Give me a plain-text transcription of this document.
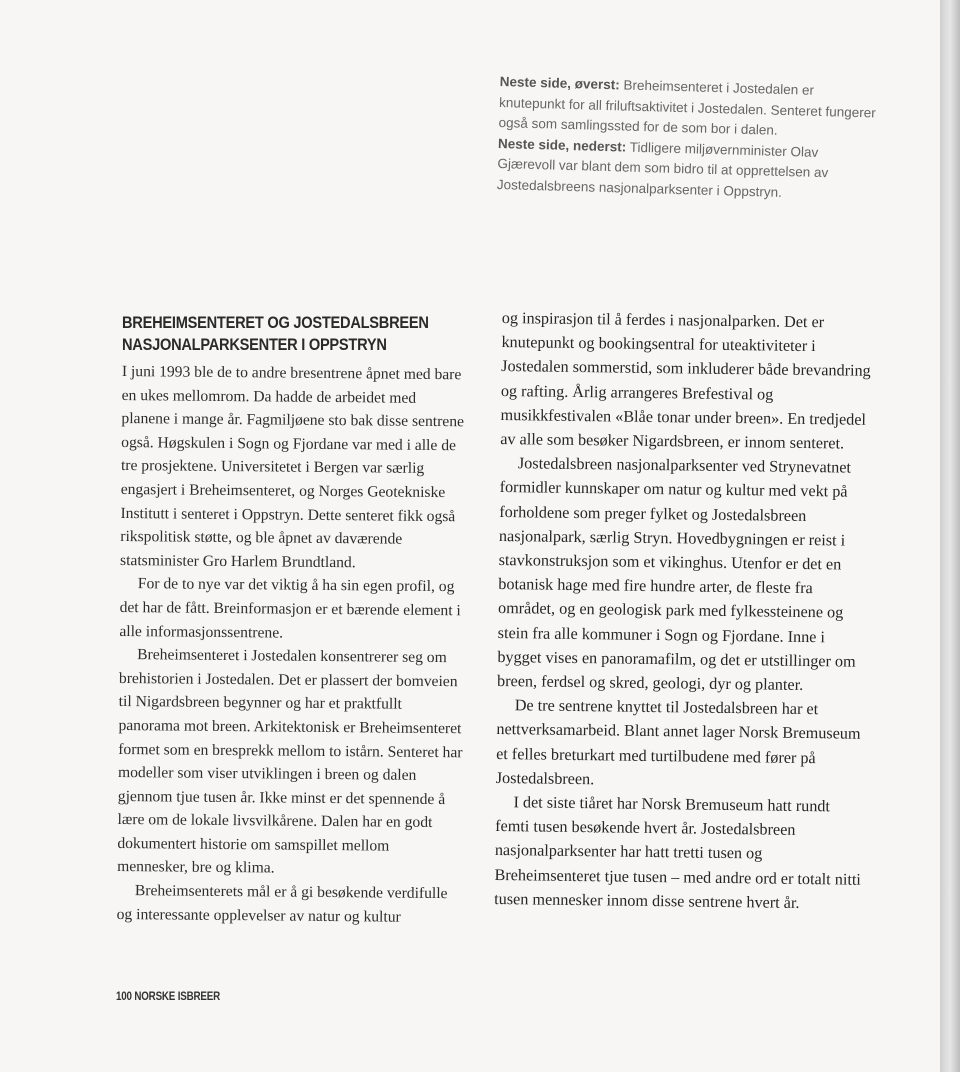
Neste side, øverst: Breheimsenteret i Jostedalen er knutepunkt for all friluftsaktivitet i Jostedalen. Senteret fungerer også som samlingssted for de som bor i dalen.

Neste side, nederst: Tidligere miljøvernminister Olav Gjærevoll var blant dem som bidro til at opprettelsen av Jostedalsbreens nasjonalparksenter i Oppstryn.

BREHEIMSENTERET OG JOSTEDALSBREEN
NASJONALPARKSENTER I OPPSTRYN

I juni 1993 ble de to andre bresentrene åpnet med bare en ukes mellomrom. Da hadde de arbeidet med planene i mange år. Fagmiljøene sto bak disse sentrene også. Høgskulen i Sogn og Fjordane var med i alle de tre prosjektene. Universitetet i Bergen var særlig engasjert i Breheimsenteret, og Norges Geotekniske Institutt i senteret i Oppstryn. Dette senteret fikk også rikspolitisk støtte, og ble åpnet av daværende statsminister Gro Harlem Brundtland.

For de to nye var det viktig å ha sin egen profil, og det har de fått. Breinformasjon er et bærende element i alle informasjonssentrene.

Breheimsenteret i Jostedalen konsentrerer seg om brehistorien i Jostedalen. Det er plassert der bomveien til Nigardsbreen begynner og har et praktfullt panorama mot breen. Arkitektonisk er Breheimsenteret formet som en bresprekk mellom to istårn. Senteret har modeller som viser utviklingen i breen og dalen gjennom tjue tusen år. Ikke minst er det spennende å lære om de lokale livsvilkårene. Dalen har en godt dokumentert historie om samspillet mellom mennesker, bre og klima.

Breheimsenterets mål er å gi besøkende verdifulle og interessante opplevelser av natur og kultur

og inspirasjon til å ferdes i nasjonalparken. Det er knutepunkt og bookingsentral for uteaktiviteter i Jostedalen sommerstid, som inkluderer både brevandring og rafting. Årlig arrangeres Brefestival og musikkfestivalen «Blåe tonar under breen». En tredjedel av alle som besøker Nigardsbreen, er innom senteret.

Jostedalsbreen nasjonalparksenter ved Strynevatnet formidler kunnskaper om natur og kultur med vekt på forholdene som preger fylket og Jostedalsbreen nasjonalpark, særlig Stryn. Hovedbygningen er reist i stavkonstruksjon som et vikinghus. Utenfor er det en botanisk hage med fire hundre arter, de fleste fra området, og en geologisk park med fylkessteinene og stein fra alle kommuner i Sogn og Fjordane. Inne i bygget vises en panoramafilm, og det er utstillinger om breen, ferdsel og skred, geologi, dyr og planter.

De tre sentrene knyttet til Jostedalsbreen har et nettverksamarbeid. Blant annet lager Norsk Bremuseum et felles breturkart med turtilbudene med fører på Jostedalsbreen.

I det siste tiåret har Norsk Bremuseum hatt rundt femti tusen besøkende hvert år. Jostedalsbreen nasjonalparksenter har hatt tretti tusen og Breheimsenteret tjue tusen – med andre ord er totalt nitti tusen mennesker innom disse sentrene hvert år.

100 NORSKE ISBREER
